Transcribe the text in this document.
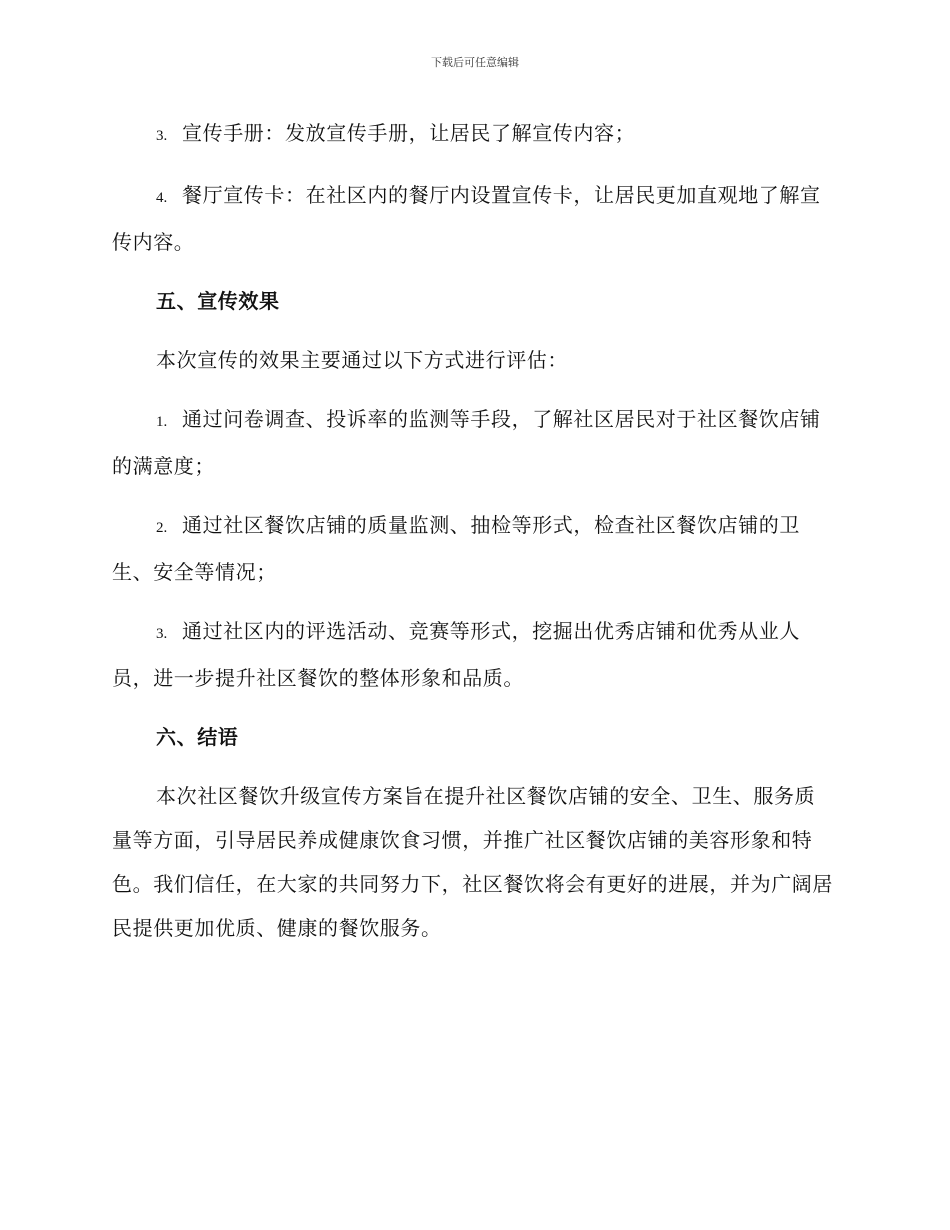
下载后可任意编辑
3. 宣传手册：发放宣传手册，让居民了解宣传内容；
4. 餐厅宣传卡：在社区内的餐厅内设置宣传卡，让居民更加直观地了解宣传内容。
五、宣传效果
本次宣传的效果主要通过以下方式进行评估：
1. 通过问卷调查、投诉率的监测等手段，了解社区居民对于社区餐饮店铺的满意度；
2. 通过社区餐饮店铺的质量监测、抽检等形式，检查社区餐饮店铺的卫生、安全等情况；
3. 通过社区内的评选活动、竞赛等形式，挖掘出优秀店铺和优秀从业人员，进一步提升社区餐饮的整体形象和品质。
六、结语
本次社区餐饮升级宣传方案旨在提升社区餐饮店铺的安全、卫生、服务质量等方面，引导居民养成健康饮食习惯，并推广社区餐饮店铺的美容形象和特色。我们信任，在大家的共同努力下，社区餐饮将会有更好的进展，并为广阔居民提供更加优质、健康的餐饮服务。
